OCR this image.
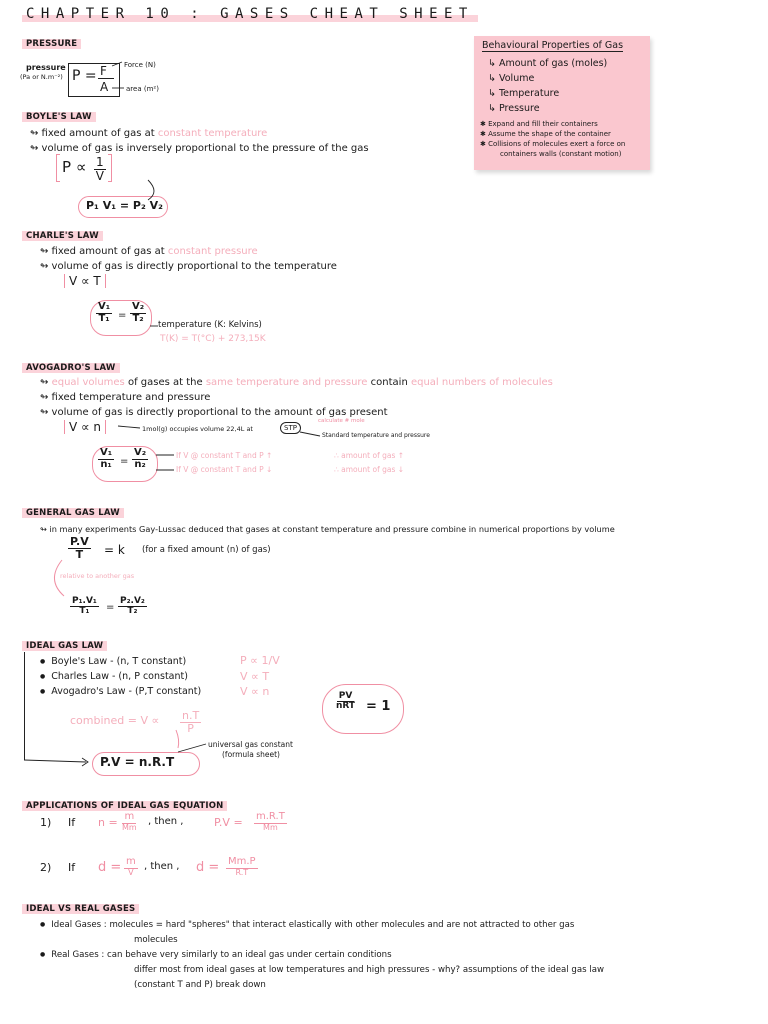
CHAPTER 10 : GASES CHEAT SHEET
PRESSURE
pressure
(Pa or N.m⁻²) P = F
A
Force (N)
area (m²)
Behavioural Properties of Gas
↳ Amount of gas (moles)
↳ Volume
↳ Temperature
↳ Pressure
✱ Expand and fill their containers
✱ Assume the shape of the container
✱ Collisions of molecules exert a force on
containers walls (constant motion)
BOYLE'S LAW
↬ fixed amount of gas at constant temperature
↬ volume of gas is inversely proportional to the pressure of the gas
$P \propto \frac{1}{V}$
P₁ V₁ = P₂ V₂
CHARLE'S LAW
↬ fixed amount of gas at constant pressure
↬ volume of gas is directly proportional to the temperature
V ∝ T
$\frac{\text{V₁}}{\text{T₁}} = \frac{\text{V₂}}{\text{T₂}}$
temperature (K: Kelvins)
T(K) = T(°C) + 273,15K
AVOGADRO'S LAW
↬ equal volumes of gases at the same temperature and pressure contain equal numbers of molecules
↬ fixed temperature and pressure
↬ volume of gas is directly proportional to the amount of gas present
V ∝ n	1mol(g) occupies volume 22,4L at
calculate # mole
STP
Standard temperature and pressure
$\frac{\text{V₁}}{\text{n₁}} = \frac{\text{V₂}}{\text{n₂}}$	If V @ constant T and P ↑
If V @ constant T and P ↓
∴ amount of gas ↑
∴ amount of gas ↓
GENERAL GAS LAW
↬ in many experiments Gay-Lussac deduced that gases at constant temperature and pressure combine in numerical proportions by volume
$\frac{P.V}{T} = k$ (for a fixed amount (n) of gas)
relative to another gas
$\frac{\text{P₁.V₁}}{\text{T₁}} = \frac{\text{P₂.V₂}}{\text{T₂}}$
IDEAL GAS LAW
● Boyle's Law - (n, T constant)
● Charles Law - (n, P constant)
● Avogadro's Law - (P,T constant)
P ∝ 1/V
V ∝ T
V ∝ n
combined = $V \propto \frac{n.T}{P}$
P.V = n.R.T
universal gas constant
(formula sheet)
$\frac{PV}{\text{nRT}} = 1$
APPLICATIONS OF IDEAL GAS EQUATION
1) If $n = \frac{m}{Mm}$ , then ,	$P.V = \frac{m.R.T}{Mm}$
2) If $d = \frac{m}{V}$ , then , $d = \frac{Mm.P}{R.T}$
IDEAL VS REAL GASES
● Ideal Gases : molecules = hard "spheres" that interact elastically with other molecules and are not attracted to other gas
molecules
● Real Gases : can behave very similarly to an ideal gas under certain conditions
differ most from ideal gases at low temperatures and high pressures - why? assumptions of the ideal gas law
(constant T and P) break down
